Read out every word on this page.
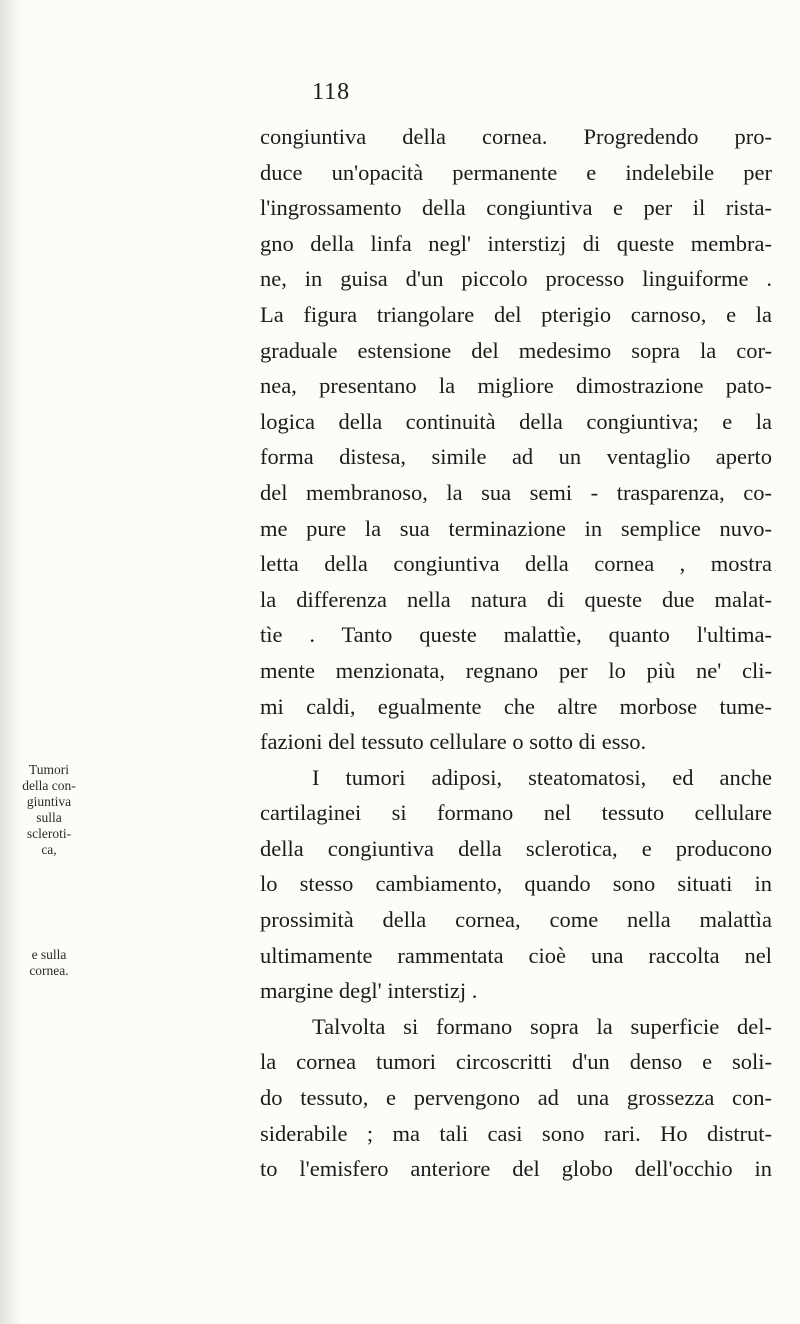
118
Tumori
della con-
giuntiva
sulla
scleroti-
ca,
e sulla
cornea.
congiuntiva della cornea. Progredendo pro-
duce un'opacità permanente e indelebile per
l'ingrossamento della congiuntiva e per il rista-
gno della linfa negl' interstizj di queste membra-
ne, in guisa d'un piccolo processo linguiforme .
La figura triangolare del pterigio carnoso, e la
graduale estensione del medesimo sopra la cor-
nea, presentano la migliore dimostrazione pato-
logica della continuità della congiuntiva; e la
forma distesa, simile ad un ventaglio aperto
del membranoso, la sua semi - trasparenza, co-
me pure la sua terminazione in semplice nuvo-
letta della congiuntiva della cornea , mostra
la differenza nella natura di queste due malat-
tìe . Tanto queste malattìe, quanto l'ultima-
mente menzionata, regnano per lo più ne' cli-
mi caldi, egualmente che altre morbose tume-
fazioni del tessuto cellulare o sotto di esso.
I tumori adiposi, steatomatosi, ed anche
cartilaginei si formano nel tessuto cellulare
della congiuntiva della sclerotica, e producono
lo stesso cambiamento, quando sono situati in
prossimità della cornea, come nella malattìa
ultimamente rammentata cioè una raccolta nel
margine degl' interstizj .
Talvolta si formano sopra la superficie del-
la cornea tumori circoscritti d'un denso e soli-
do tessuto, e pervengono ad una grossezza con-
siderabile ; ma tali casi sono rari. Ho distrut-
to l'emisfero anteriore del globo dell'occhio in
